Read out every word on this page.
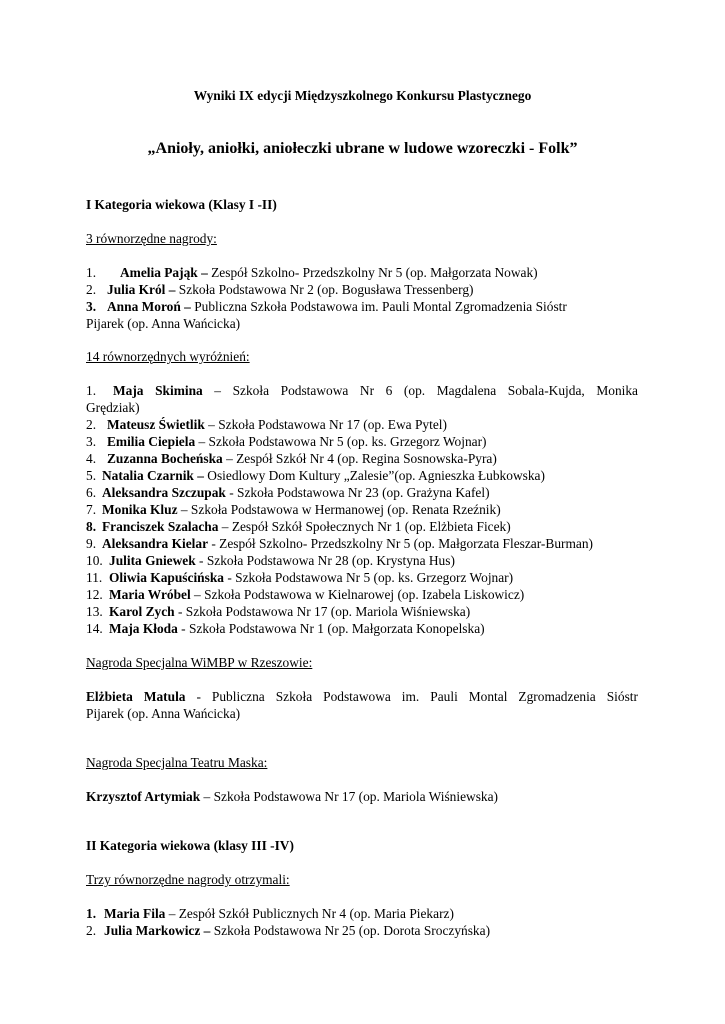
Wyniki IX edycji Międzyszkolnego Konkursu Plastycznego
„Anioły, aniołki, aniołeczki ubrane w ludowe wzoreczki - Folk”
I Kategoria wiekowa (Klasy I -II)
3 równorzędne nagrody:
1. Amelia Pająk – Zespół Szkolno- Przedszkolny Nr 5 (op. Małgorzata Nowak)
2. Julia Król – Szkoła Podstawowa Nr 2 (op. Bogusława Tressenberg)
3. Anna Moroń – Publiczna Szkoła Podstawowa im. Pauli Montal Zgromadzenia Sióstr
Pijarek (op. Anna Wańcicka)
14 równorzędnych wyróżnień:
1. Maja Skimina – Szkoła Podstawowa Nr 6 (op. Magdalena Sobala-Kujda, Monika
Grędziak)
2. Mateusz Świetlik – Szkoła Podstawowa Nr 17 (op. Ewa Pytel)
3. Emilia Ciepiela – Szkoła Podstawowa Nr 5 (op. ks. Grzegorz Wojnar)
4. Zuzanna Bocheńska – Zespół Szkół Nr 4 (op. Regina Sosnowska-Pyra)
5. Natalia Czarnik – Osiedlowy Dom Kultury „Zalesie”(op. Agnieszka Łubkowska)
6. Aleksandra Szczupak - Szkoła Podstawowa Nr 23 (op. Grażyna Kafel)
7. Monika Kluz – Szkoła Podstawowa w Hermanowej (op. Renata Rzeźnik)
8. Franciszek Szalacha – Zespół Szkół Społecznych Nr 1 (op. Elżbieta Ficek)
9. Aleksandra Kielar - Zespół Szkolno- Przedszkolny Nr 5 (op. Małgorzata Fleszar-Burman)
10. Julita Gniewek - Szkoła Podstawowa Nr 28 (op. Krystyna Hus)
11. Oliwia Kapuścińska - Szkoła Podstawowa Nr 5 (op. ks. Grzegorz Wojnar)
12. Maria Wróbel – Szkoła Podstawowa w Kielnarowej (op. Izabela Liskowicz)
13. Karol Zych - Szkoła Podstawowa Nr 17 (op. Mariola Wiśniewska)
14. Maja Kłoda - Szkoła Podstawowa Nr 1 (op. Małgorzata Konopelska)
Nagroda Specjalna WiMBP w Rzeszowie:
Elżbieta Matula - Publiczna Szkoła Podstawowa im. Pauli Montal Zgromadzenia Sióstr
Pijarek (op. Anna Wańcicka)
Nagroda Specjalna Teatru Maska:
Krzysztof Artymiak – Szkoła Podstawowa Nr 17 (op. Mariola Wiśniewska)
II Kategoria wiekowa (klasy III -IV)
Trzy równorzędne nagrody otrzymali:
1. Maria Fila – Zespół Szkół Publicznych Nr 4 (op. Maria Piekarz)
2. Julia Markowicz – Szkoła Podstawowa Nr 25 (op. Dorota Sroczyńska)
